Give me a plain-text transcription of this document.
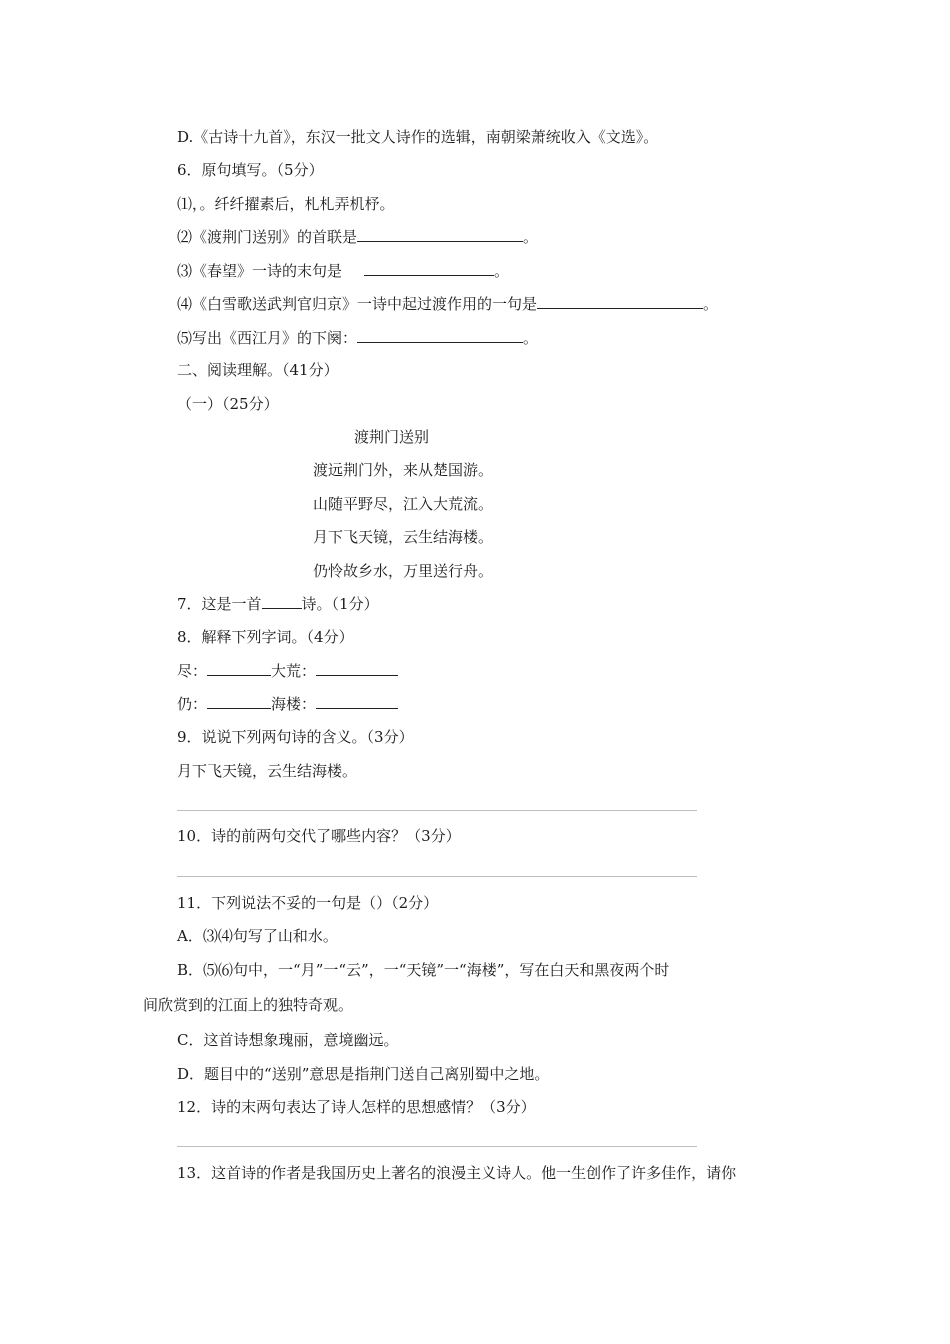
D.《古诗十九首》，东汉一批文人诗作的选辑，南朝梁萧统收入《文选》。
6．原句填写。（5分）
⑴，。纤纤擢素后，札札弄机杼。
⑵《渡荆门送别》的首联是	。
⑶《春望》一诗的末句是	。
⑷《白雪歌送武判官归京》一诗中起过渡作用的一句是	。
⑸写出《西江月》的下阕：	。
二、阅读理解。（41分）
（一）（25分）
渡荆门送别
渡远荆门外，来从楚国游。
山随平野尽，江入大荒流。
月下飞天镜，云生结海楼。
仍怜故乡水，万里送行舟。
7．这是一首	诗。（1分）
8．解释下列字词。（4分）
尽：	大荒：
仍：	海楼：
9．说说下列两句诗的含义。（3分）
月下飞天镜，云生结海楼。
10．诗的前两句交代了哪些内容？（3分）
11．下列说法不妥的一句是（）（2分）
A．⑶⑷句写了山和水。
B．⑸⑹句中，一“月”一“云”，一“天镜”一“海楼”，写在白天和黑夜两个时
间欣赏到的江面上的独特奇观。
C．这首诗想象瑰丽，意境幽远。
D．题目中的“送别”意思是指荆门送自己离别蜀中之地。
12．诗的末两句表达了诗人怎样的思想感情？（3分）
13．这首诗的作者是我国历史上著名的浪漫主义诗人。他一生创作了许多佳作，请你
